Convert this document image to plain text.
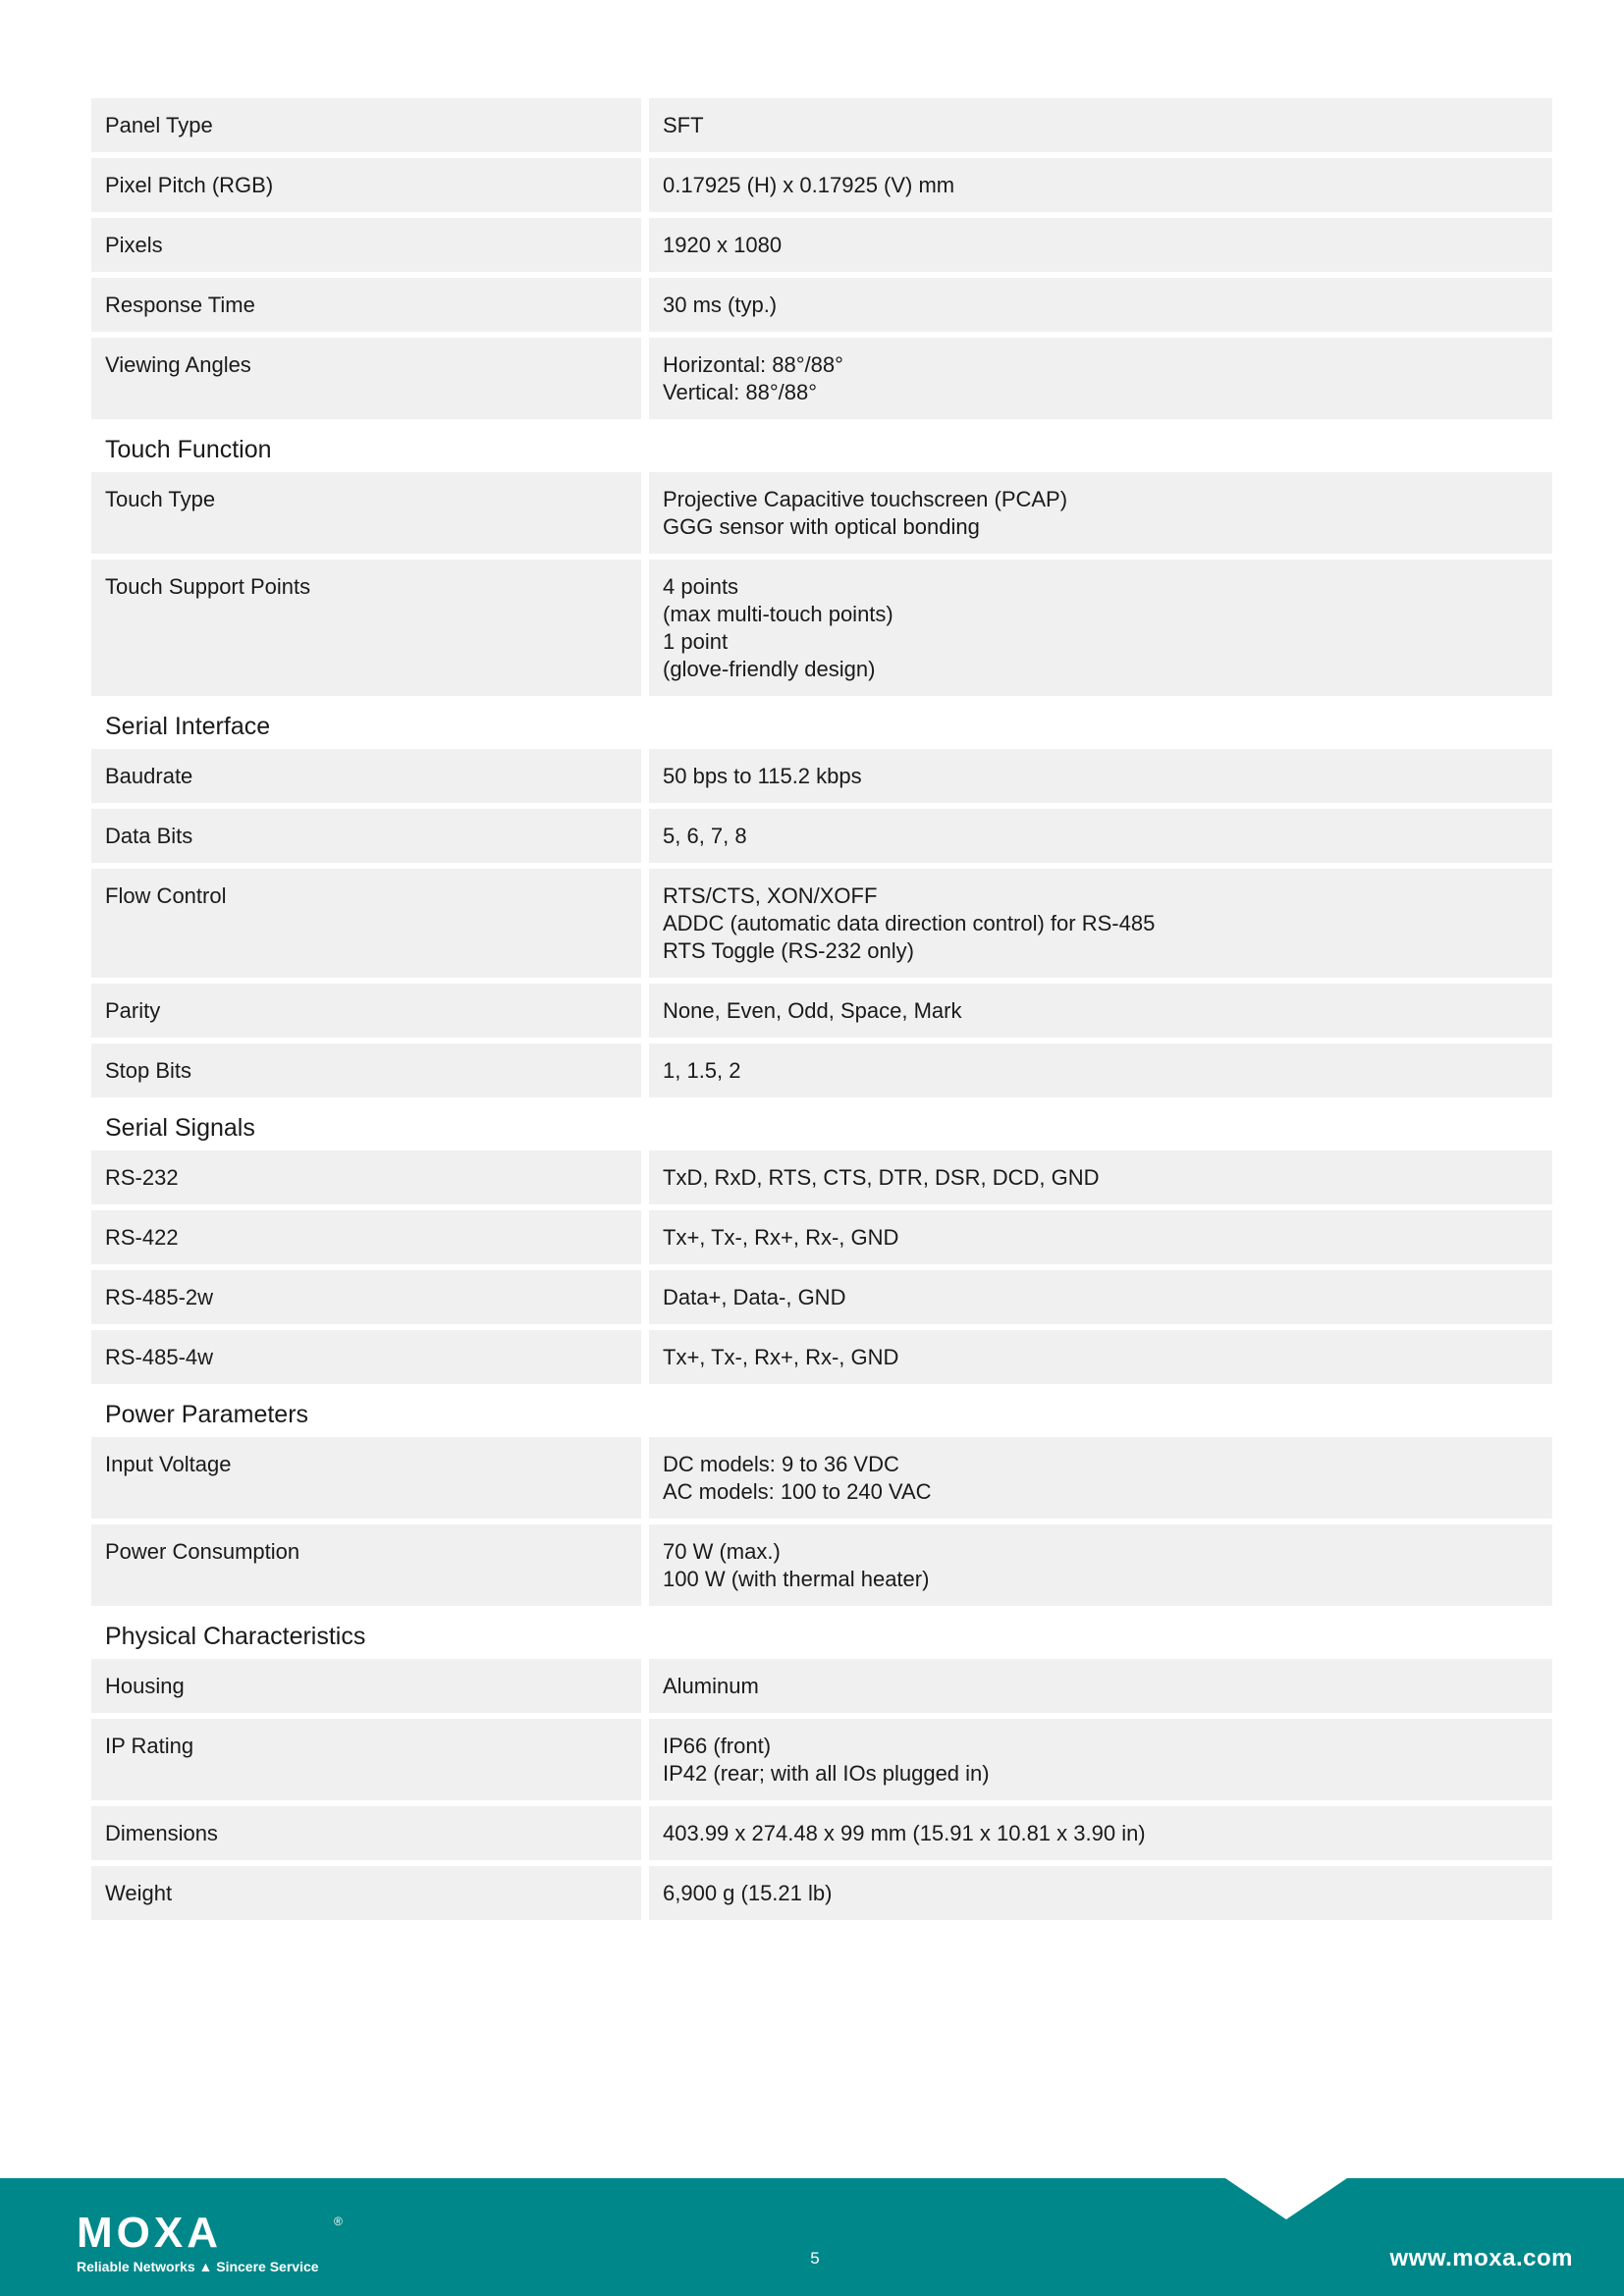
Panel Type	SFT
Pixel Pitch (RGB)	0.17925 (H) x 0.17925 (V) mm
Pixels	1920 x 1080
Response Time	30 ms (typ.)
Viewing Angles	Horizontal: 88°/88°
Vertical: 88°/88°
Touch Function
Touch Type	Projective Capacitive touchscreen (PCAP)
GGG sensor with optical bonding
Touch Support Points	4 points
(max multi-touch points)
1 point
(glove-friendly design)
Serial Interface
Baudrate	50 bps to 115.2 kbps
Data Bits	5, 6, 7, 8
Flow Control	RTS/CTS, XON/XOFF
ADDC (automatic data direction control) for RS-485
RTS Toggle (RS-232 only)
Parity	None, Even, Odd, Space, Mark
Stop Bits	1, 1.5, 2
Serial Signals
RS-232	TxD, RxD, RTS, CTS, DTR, DSR, DCD, GND
RS-422	Tx+, Tx-, Rx+, Rx-, GND
RS-485-2w	Data+, Data-, GND
RS-485-4w	Tx+, Tx-, Rx+, Rx-, GND
Power Parameters
Input Voltage	DC models: 9 to 36 VDC
AC models: 100 to 240 VAC
Power Consumption	70 W (max.)
100 W (with thermal heater)
Physical Characteristics
Housing	Aluminum
IP Rating	IP66 (front)
IP42 (rear; with all IOs plugged in)
Dimensions	403.99 x 274.48 x 99 mm (15.91 x 10.81 x 3.90 in)
Weight	6,900 g (15.21 lb)
MOXA	®
Reliable Networks ▲ Sincere Service	5	www.moxa.com
